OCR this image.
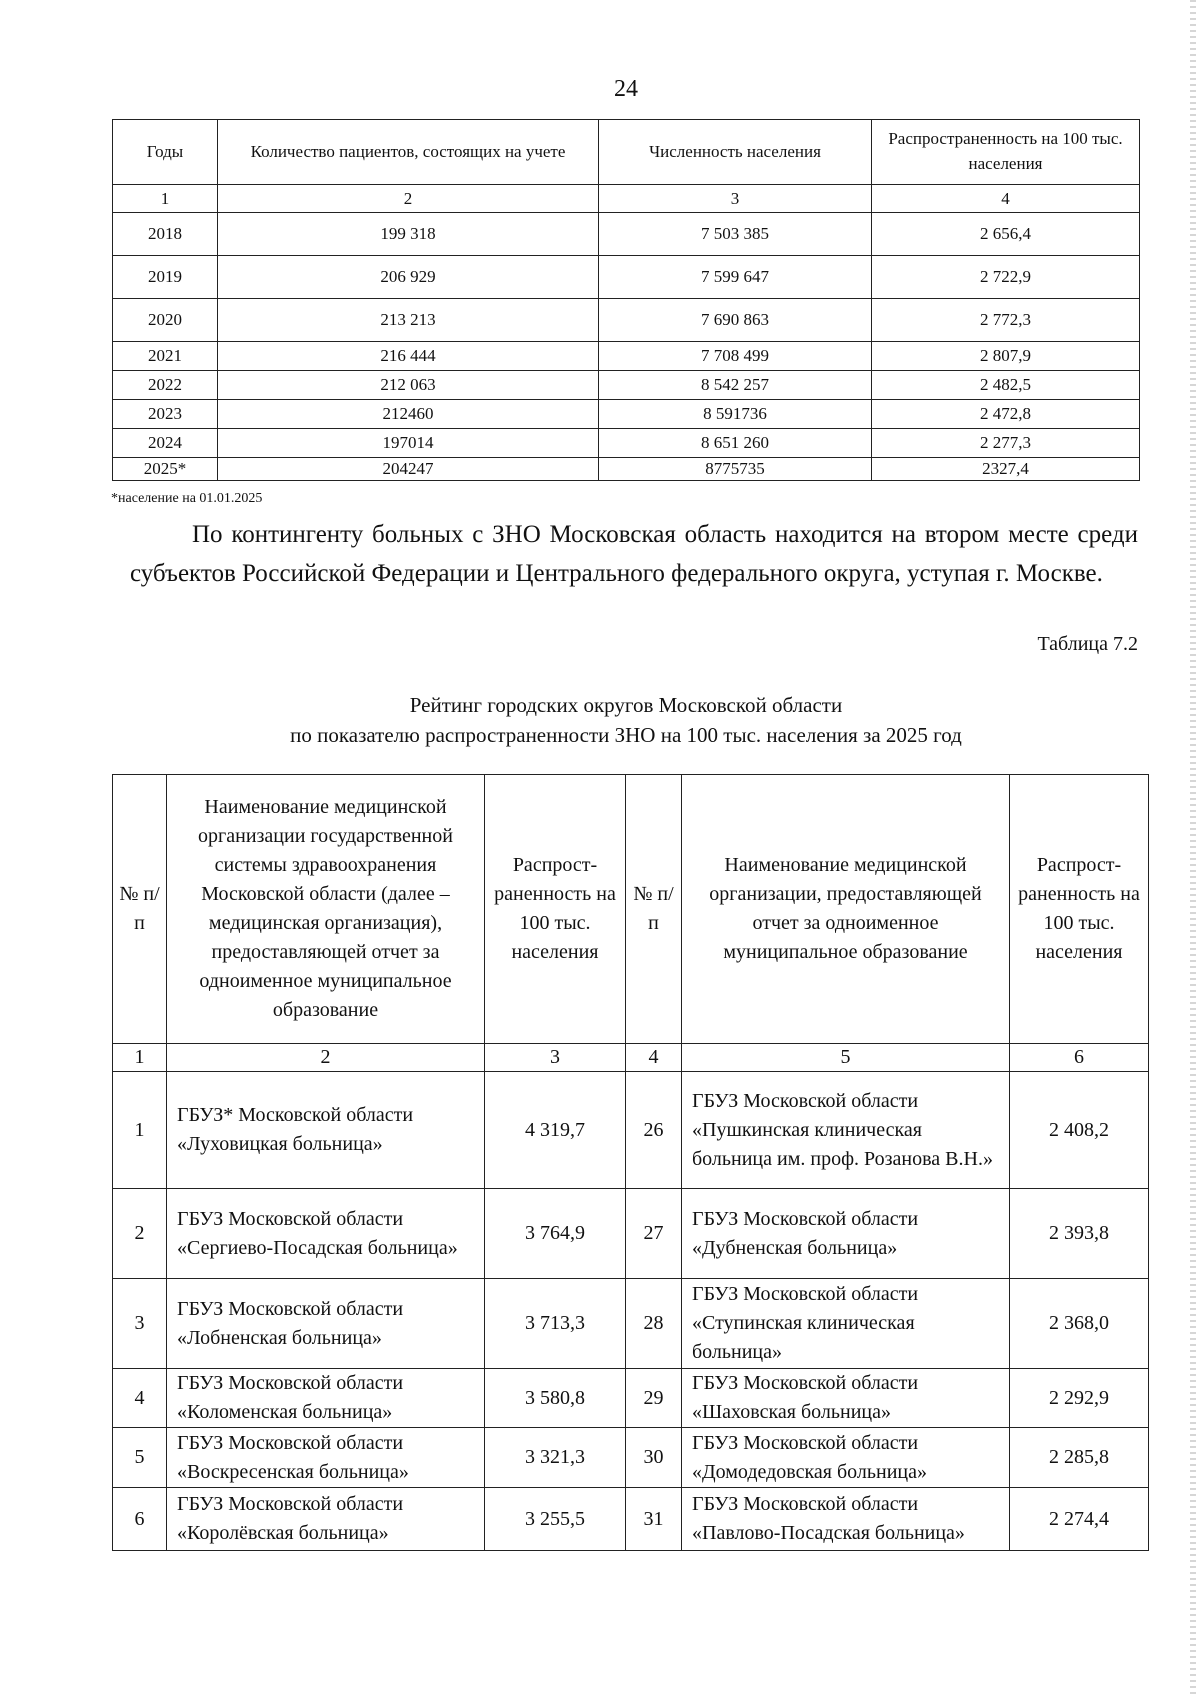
24
Годы	Количество пациентов, состоящих на учете	Численность населения	Распространенность на 100 тыс. населения
1	2	3	4
2018	199 318	7 503 385	2 656,4
2019	206 929	7 599 647	2 722,9
2020	213 213	7 690 863	2 772,3
2021	216 444	7 708 499	2 807,9
2022	212 063	8 542 257	2 482,5
2023	212460	8 591736	2 472,8
2024	197014	8 651 260	2 277,3
2025*	204247	8775735	2327,4
*население на 01.01.2025
По контингенту больных с ЗНО Московская область находится на втором месте среди субъектов Российской Федерации и Центрального федерального округа, уступая г. Москве.
Таблица 7.2
Рейтинг городских округов Московской области
по показателю распространенности ЗНО на 100 тыс. населения за 2025 год
№ п/п	Наименование медицинской организации государственной системы здравоохранения Московской области (далее – медицинская организация), предоставляющей отчет за одноименное муниципальное образование	Распрост-раненность на 100 тыс. населения	№ п/п	Наименование медицинской организации, предоставляющей отчет за одноименное муниципальное образование	Распрост-раненность на 100 тыс. населения
1	2	3	4	5	6
1	ГБУЗ* Московской области «Луховицкая больница»	4 319,7	26	ГБУЗ Московской области «Пушкинская клиническая больница им. проф. Розанова В.Н.»	2 408,2
2	ГБУЗ Московской области «Сергиево-Посадская больница»	3 764,9	27	ГБУЗ Московской области «Дубненская больница»	2 393,8
3	ГБУЗ Московской области «Лобненская больница»	3 713,3	28	ГБУЗ Московской области «Ступинская клиническая больница»	2 368,0
4	ГБУЗ Московской области «Коломенская больница»	3 580,8	29	ГБУЗ Московской области «Шаховская больница»	2 292,9
5	ГБУЗ Московской области «Воскресенская больница»	3 321,3	30	ГБУЗ Московской области «Домодедовская больница»	2 285,8
6	ГБУЗ Московской области «Королёвская больница»	3 255,5	31	ГБУЗ Московской области «Павлово-Посадская больница»	2 274,4
